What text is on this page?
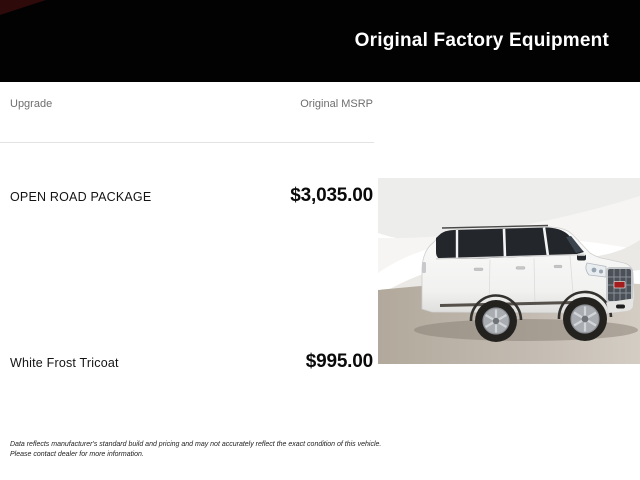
Original Factory Equipment
Upgrade	Original MSRP
OPEN ROAD PACKAGE	$3,035.00
White Frost Tricoat	$995.00
Data reflects manufacturer's standard build and pricing and may not accurately reflect the exact condition of this vehicle.
Please contact dealer for more information.
